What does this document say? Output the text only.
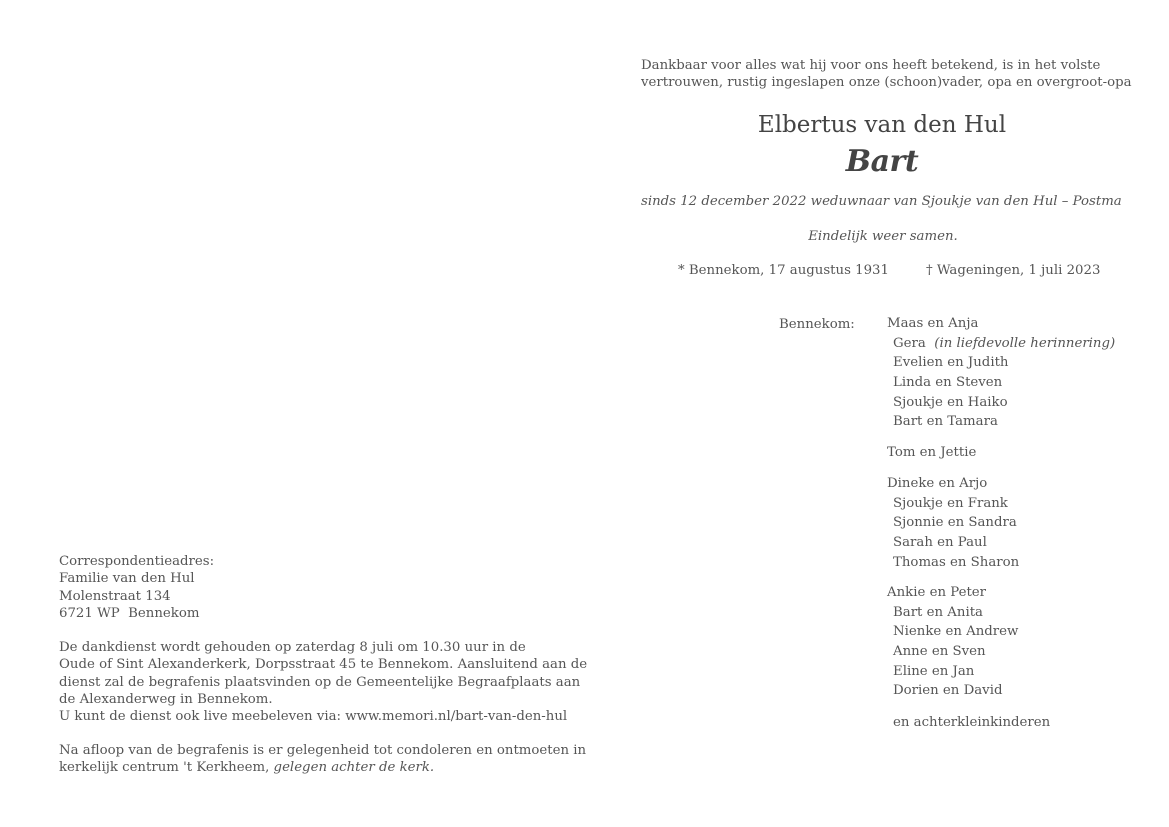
Dankbaar voor alles wat hij voor ons heeft betekend, is in het volste
vertrouwen, rustig ingeslapen onze (schoon)vader, opa en overgroot-opa
Elbertus van den Hul
Bart
sinds 12 december 2022 weduwnaar van Sjoukje van den Hul – Postma
Eindelijk weer samen.
* Bennekom, 17 augustus 1931	† Wageningen, 1 juli 2023
Bennekom: Maas en Anja
Gera (in liefdevolle herinnering)
Evelien en Judith
Linda en Steven
Sjoukje en Haiko
Bart en Tamara
Tom en Jettie
Dineke en Arjo
Sjoukje en Frank
Sjonnie en Sandra
Sarah en Paul
Thomas en Sharon
Ankie en Peter
Bart en Anita
Nienke en Andrew
Anne en Sven
Eline en Jan
Dorien en David
en achterkleinkinderen
Correspondentieadres:
Familie van den Hul
Molenstraat 134
6721 WP  Bennekom
De dankdienst wordt gehouden op zaterdag 8 juli om 10.30 uur in de
Oude of Sint Alexanderkerk, Dorpsstraat 45 te Bennekom. Aansluitend aan de
dienst zal de begrafenis plaatsvinden op de Gemeentelijke Begraafplaats aan
de Alexanderweg in Bennekom.
U kunt de dienst ook live meebeleven via: www.memori.nl/bart-van-den-hul
Na afloop van de begrafenis is er gelegenheid tot condoleren en ontmoeten in
kerkelijk centrum 't Kerkheem, gelegen achter de kerk.
